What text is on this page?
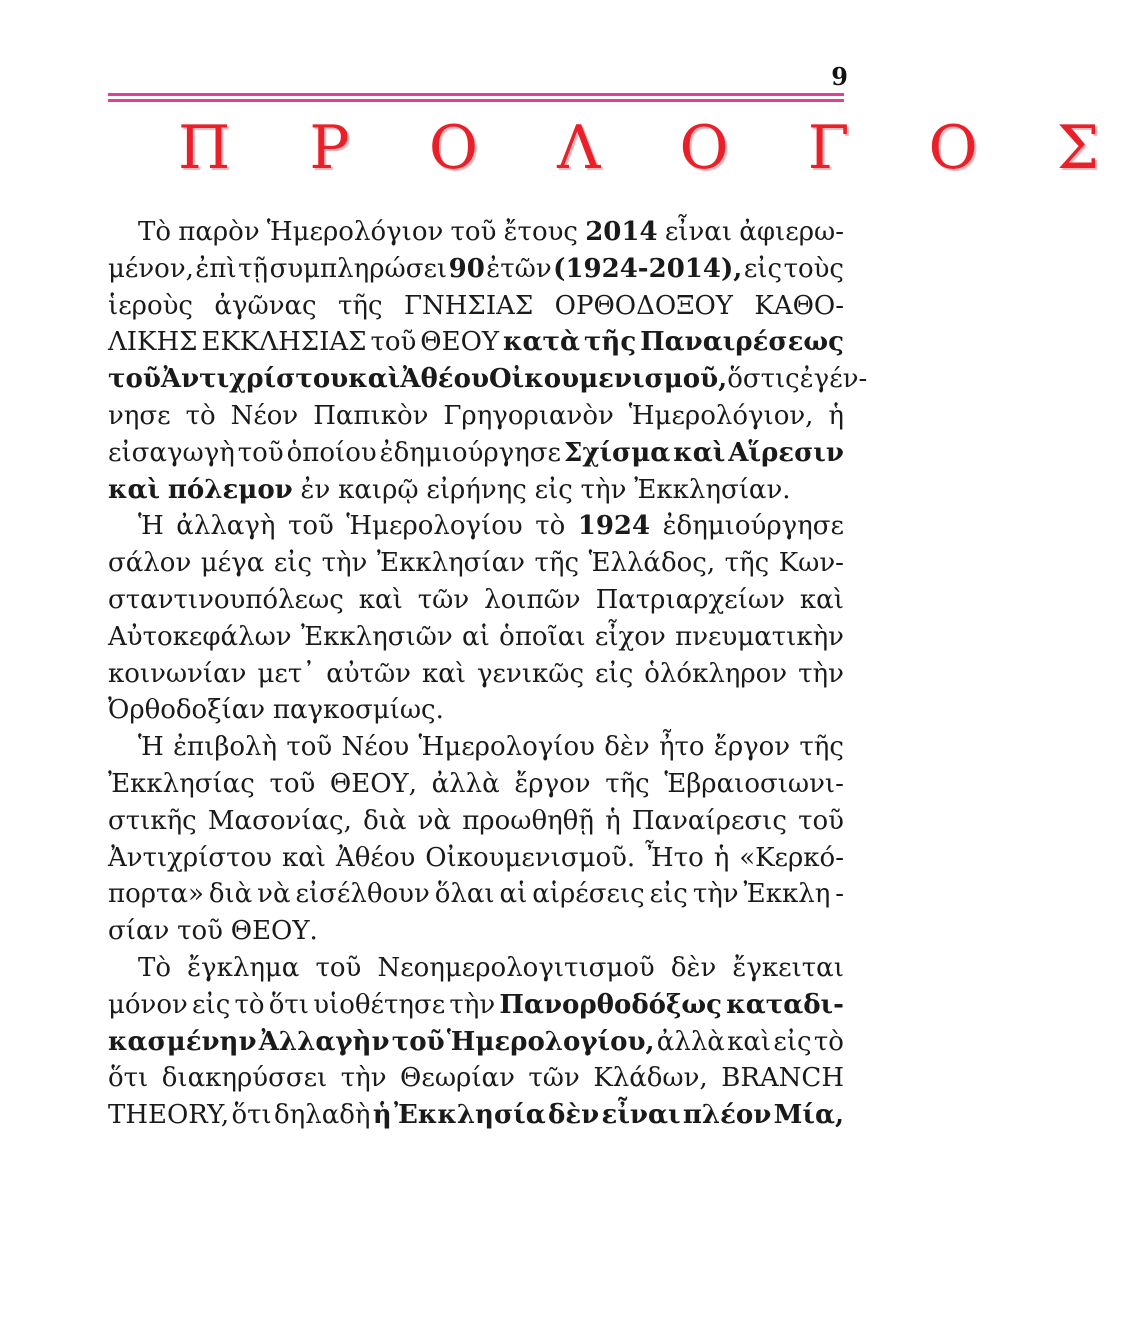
9
Π Ρ Ο Λ Ο Γ Ο Σ
Τὸ παρὸν Ἡμερολόγιον τοῦ ἔτους 2014 εἶναι ἀφιερω-
μένον, ἐπὶ τῇ συμπληρώσει 90 ἐτῶν (1924-2014), εἰς τοὺς
ἱεροὺς ἀγῶνας τῆς ΓΝΗΣΙΑΣ ΟΡΘΟΔΟΞΟΥ ΚΑΘΟ-
ΛΙΚΗΣ ΕΚΚΛΗΣΙΑΣ τοῦ ΘΕΟΥ κατὰ τῆς Παναιρέσεως
τοῦ Ἀντιχρίστου καὶ Ἀθέου Οἰκουμενισμοῦ, ὅστις ἐγέν-
νησε τὸ Νέον Παπικὸν Γρηγοριανὸν Ἡμερολόγιον, ἡ
εἰσαγωγὴ τοῦ ὁποίου ἐδημιούργησε Σχίσμα καὶ Αἵρεσιν
καὶ πόλεμον ἐν καιρῷ εἰρήνης εἰς τὴν Ἐκκλησίαν.
Ἡ ἀλλαγὴ τοῦ Ἡμερολογίου τὸ 1924 ἐδημιούργησε
σάλον μέγα εἰς τὴν Ἐκκλησίαν τῆς Ἑλλάδος, τῆς Κων-
σταντινουπόλεως καὶ τῶν λοιπῶν Πατριαρχείων καὶ
Αὐτοκεφάλων Ἐκκλησιῶν αἱ ὁποῖαι εἶχον πνευματικὴν
κοινωνίαν μετ᾽ αὐτῶν καὶ γενικῶς εἰς ὁλόκληρον τὴν
Ὀρθοδοξίαν παγκοσμίως.
Ἡ ἐπιβολὴ τοῦ Νέου Ἡμερολογίου δὲν ἦτο ἔργον τῆς
Ἐκκλησίας τοῦ ΘΕΟΥ, ἀλλὰ ἔργον τῆς Ἑβραιοσιωνι-
στικῆς Μασονίας, διὰ νὰ προωθηθῇ ἡ Παναίρεσις τοῦ
Ἀντιχρίστου καὶ Ἀθέου Οἰκουμενισμοῦ. Ἦτο ἡ «Κερκό-
πορτα» διὰ νὰ εἰσέλθουν ὅλαι αἱ αἱρέσεις εἰς τὴν Ἐκκλη -
σίαν τοῦ ΘΕΟΥ.
Τὸ ἔγκλημα τοῦ Νεοημερολογιτισμοῦ δὲν ἔγκειται
μόνον εἰς τὸ ὅτι υἱοθέτησε τὴν Πανορθοδόξως καταδι-
κασμένην Ἀλλαγὴν τοῦ Ἡμερολογίου, ἀλλὰ καὶ εἰς τὸ
ὅτι διακηρύσσει τὴν Θεωρίαν τῶν Κλάδων, BRANCH
THEORY, ὅτι δηλαδὴ ἡ Ἐκκλησία δὲν εἶναι πλέον Μία,
